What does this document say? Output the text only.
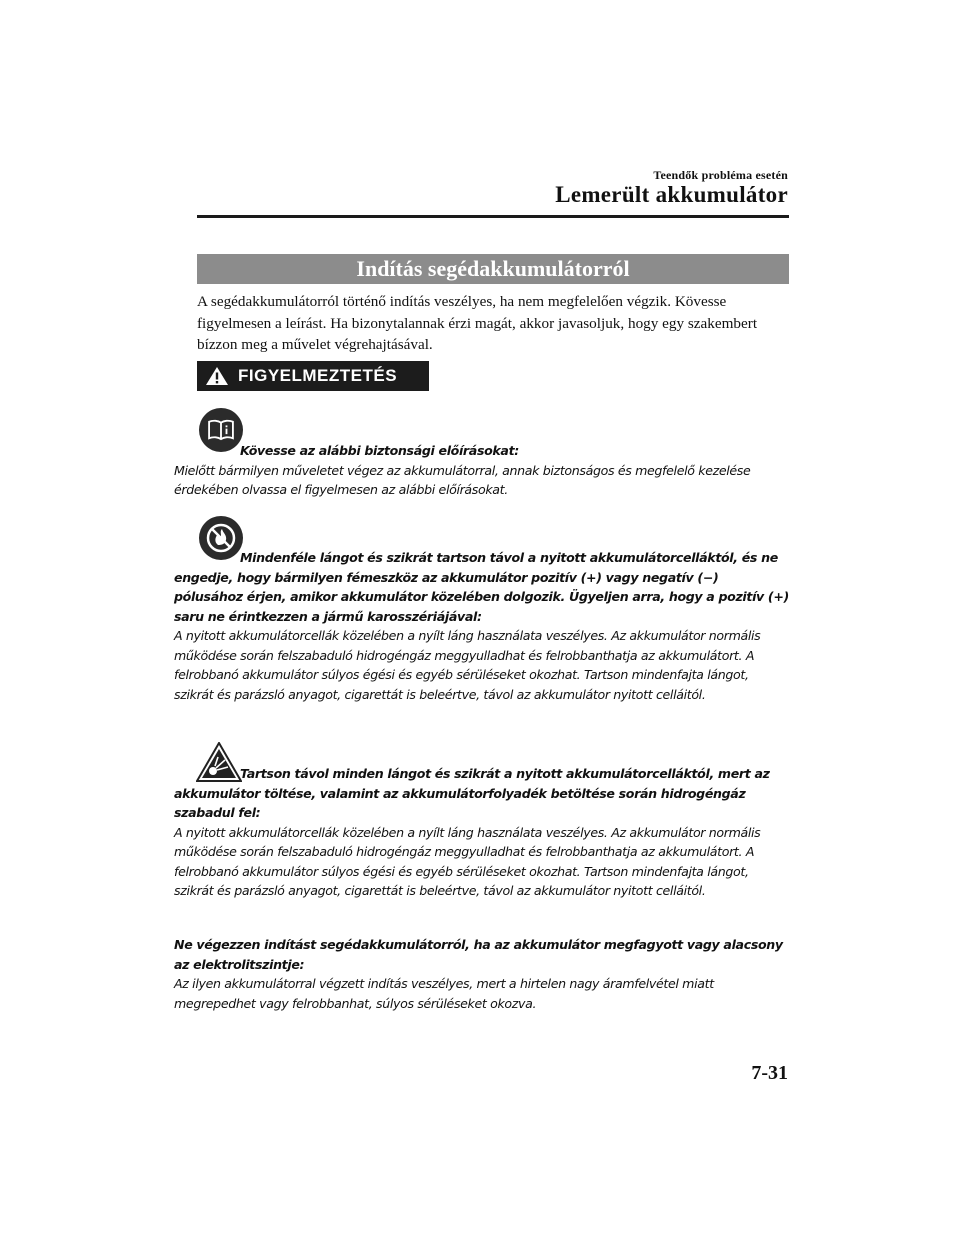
Teendők probléma esetén
Lemerült akkumulátor
Indítás segédakkumulátorról
A segédakkumulátorról történő indítás veszélyes, ha nem megfelelően végzik. Kövesse figyelmesen a leírást. Ha bizonytalannak érzi magát, akkor javasoljuk, hogy egy szakembert bízzon meg a művelet végrehajtásával.
FIGYELMEZTETÉS
Kövesse az alábbi biztonsági előírásokat:
Mielőtt bármilyen műveletet végez az akkumulátorral, annak biztonságos és megfelelő kezelése érdekében olvassa el figyelmesen az alábbi előírásokat.
Mindenféle lángot és szikrát tartson távol a nyitott akkumulátorcelláktól, és ne engedje, hogy bármilyen fémeszköz az akkumulátor pozitív (+) vagy negatív (−) pólusához érjen, amikor akkumulátor közelében dolgozik. Ügyeljen arra, hogy a pozitív (+) saru ne érintkezzen a jármű karosszériájával:
A nyitott akkumulátorcellák közelében a nyílt láng használata veszélyes. Az akkumulátor normális működése során felszabaduló hidrogéngáz meggyulladhat és felrobbanthatja az akkumulátort. A felrobbanó akkumulátor súlyos égési és egyéb sérüléseket okozhat. Tartson mindenfajta lángot, szikrát és parázsló anyagot, cigarettát is beleértve, távol az akkumulátor nyitott celláitól.
Tartson távol minden lángot és szikrát a nyitott akkumulátorcelláktól, mert az akkumulátor töltése, valamint az akkumulátorfolyadék betöltése során hidrogéngáz szabadul fel:
A nyitott akkumulátorcellák közelében a nyílt láng használata veszélyes. Az akkumulátor normális működése során felszabaduló hidrogéngáz meggyulladhat és felrobbanthatja az akkumulátort. A felrobbanó akkumulátor súlyos égési és egyéb sérüléseket okozhat. Tartson mindenfajta lángot, szikrát és parázsló anyagot, cigarettát is beleértve, távol az akkumulátor nyitott celláitól.
Ne végezzen indítást segédakkumulátorról, ha az akkumulátor megfagyott vagy alacsony az elektrolitszintje:
Az ilyen akkumulátorral végzett indítás veszélyes, mert a hirtelen nagy áramfelvétel miatt megrepedhet vagy felrobbanhat, súlyos sérüléseket okozva.
7-31
